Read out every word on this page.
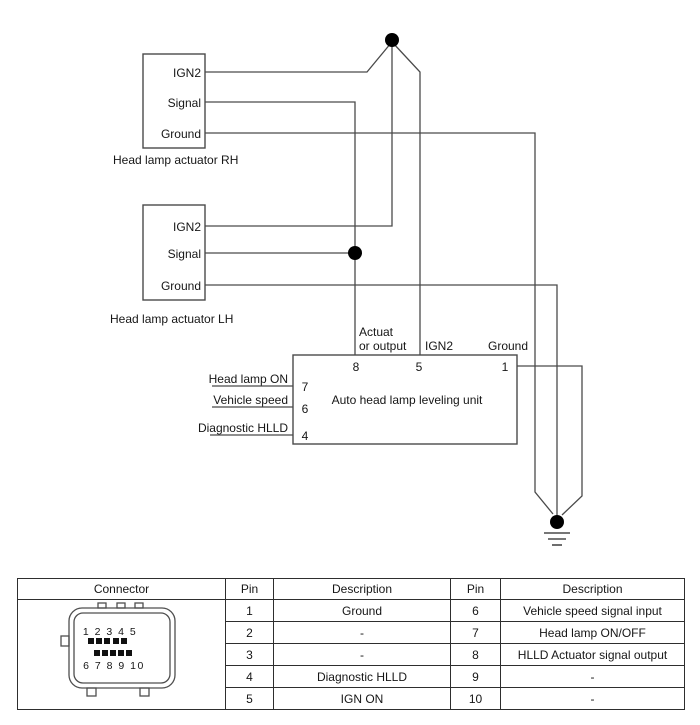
IGN2
Signal
Ground
Head lamp actuator RH
IGN2
Signal
Ground
Head lamp actuator LH
Actuat
or output IGN2	Ground
8	5	1
Auto head lamp leveling unit
7
6
4
Head lamp ON
Vehicle speed
Diagnostic HLLD
Connector	Pin	Description	Pin	Description

1 2 3 4 5
6 7 8 9 10	1	Ground	6	Vehicle speed signal input
	2	-	7	Head lamp ON/OFF
	3	-	8	HLLD Actuator signal output
	4	Diagnostic HLLD	9	-
	5	IGN ON	10	-
